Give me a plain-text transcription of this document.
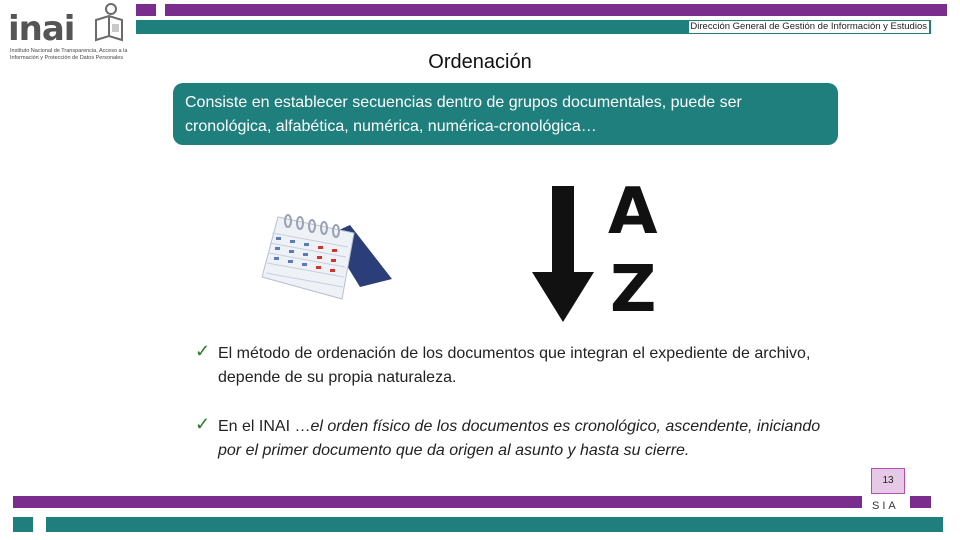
inai
Instituto Nacional de Transparencia, Acceso a la
Información y Protección de Datos Personales
Dirección General de Gestión de Información y Estudios
Ordenación
Consiste en establecer secuencias dentro de grupos documentales, puede ser cronológica, alfabética, numérica, numérica-cronológica…
A
Z
✓ El método de ordenación de los documentos que integran el expediente de archivo, depende de su propia naturaleza.
✓ En el INAI …el orden físico de los documentos es cronológico, ascendente, iniciando por el primer documento que da origen al asunto y hasta su cierre.
13
SIA
